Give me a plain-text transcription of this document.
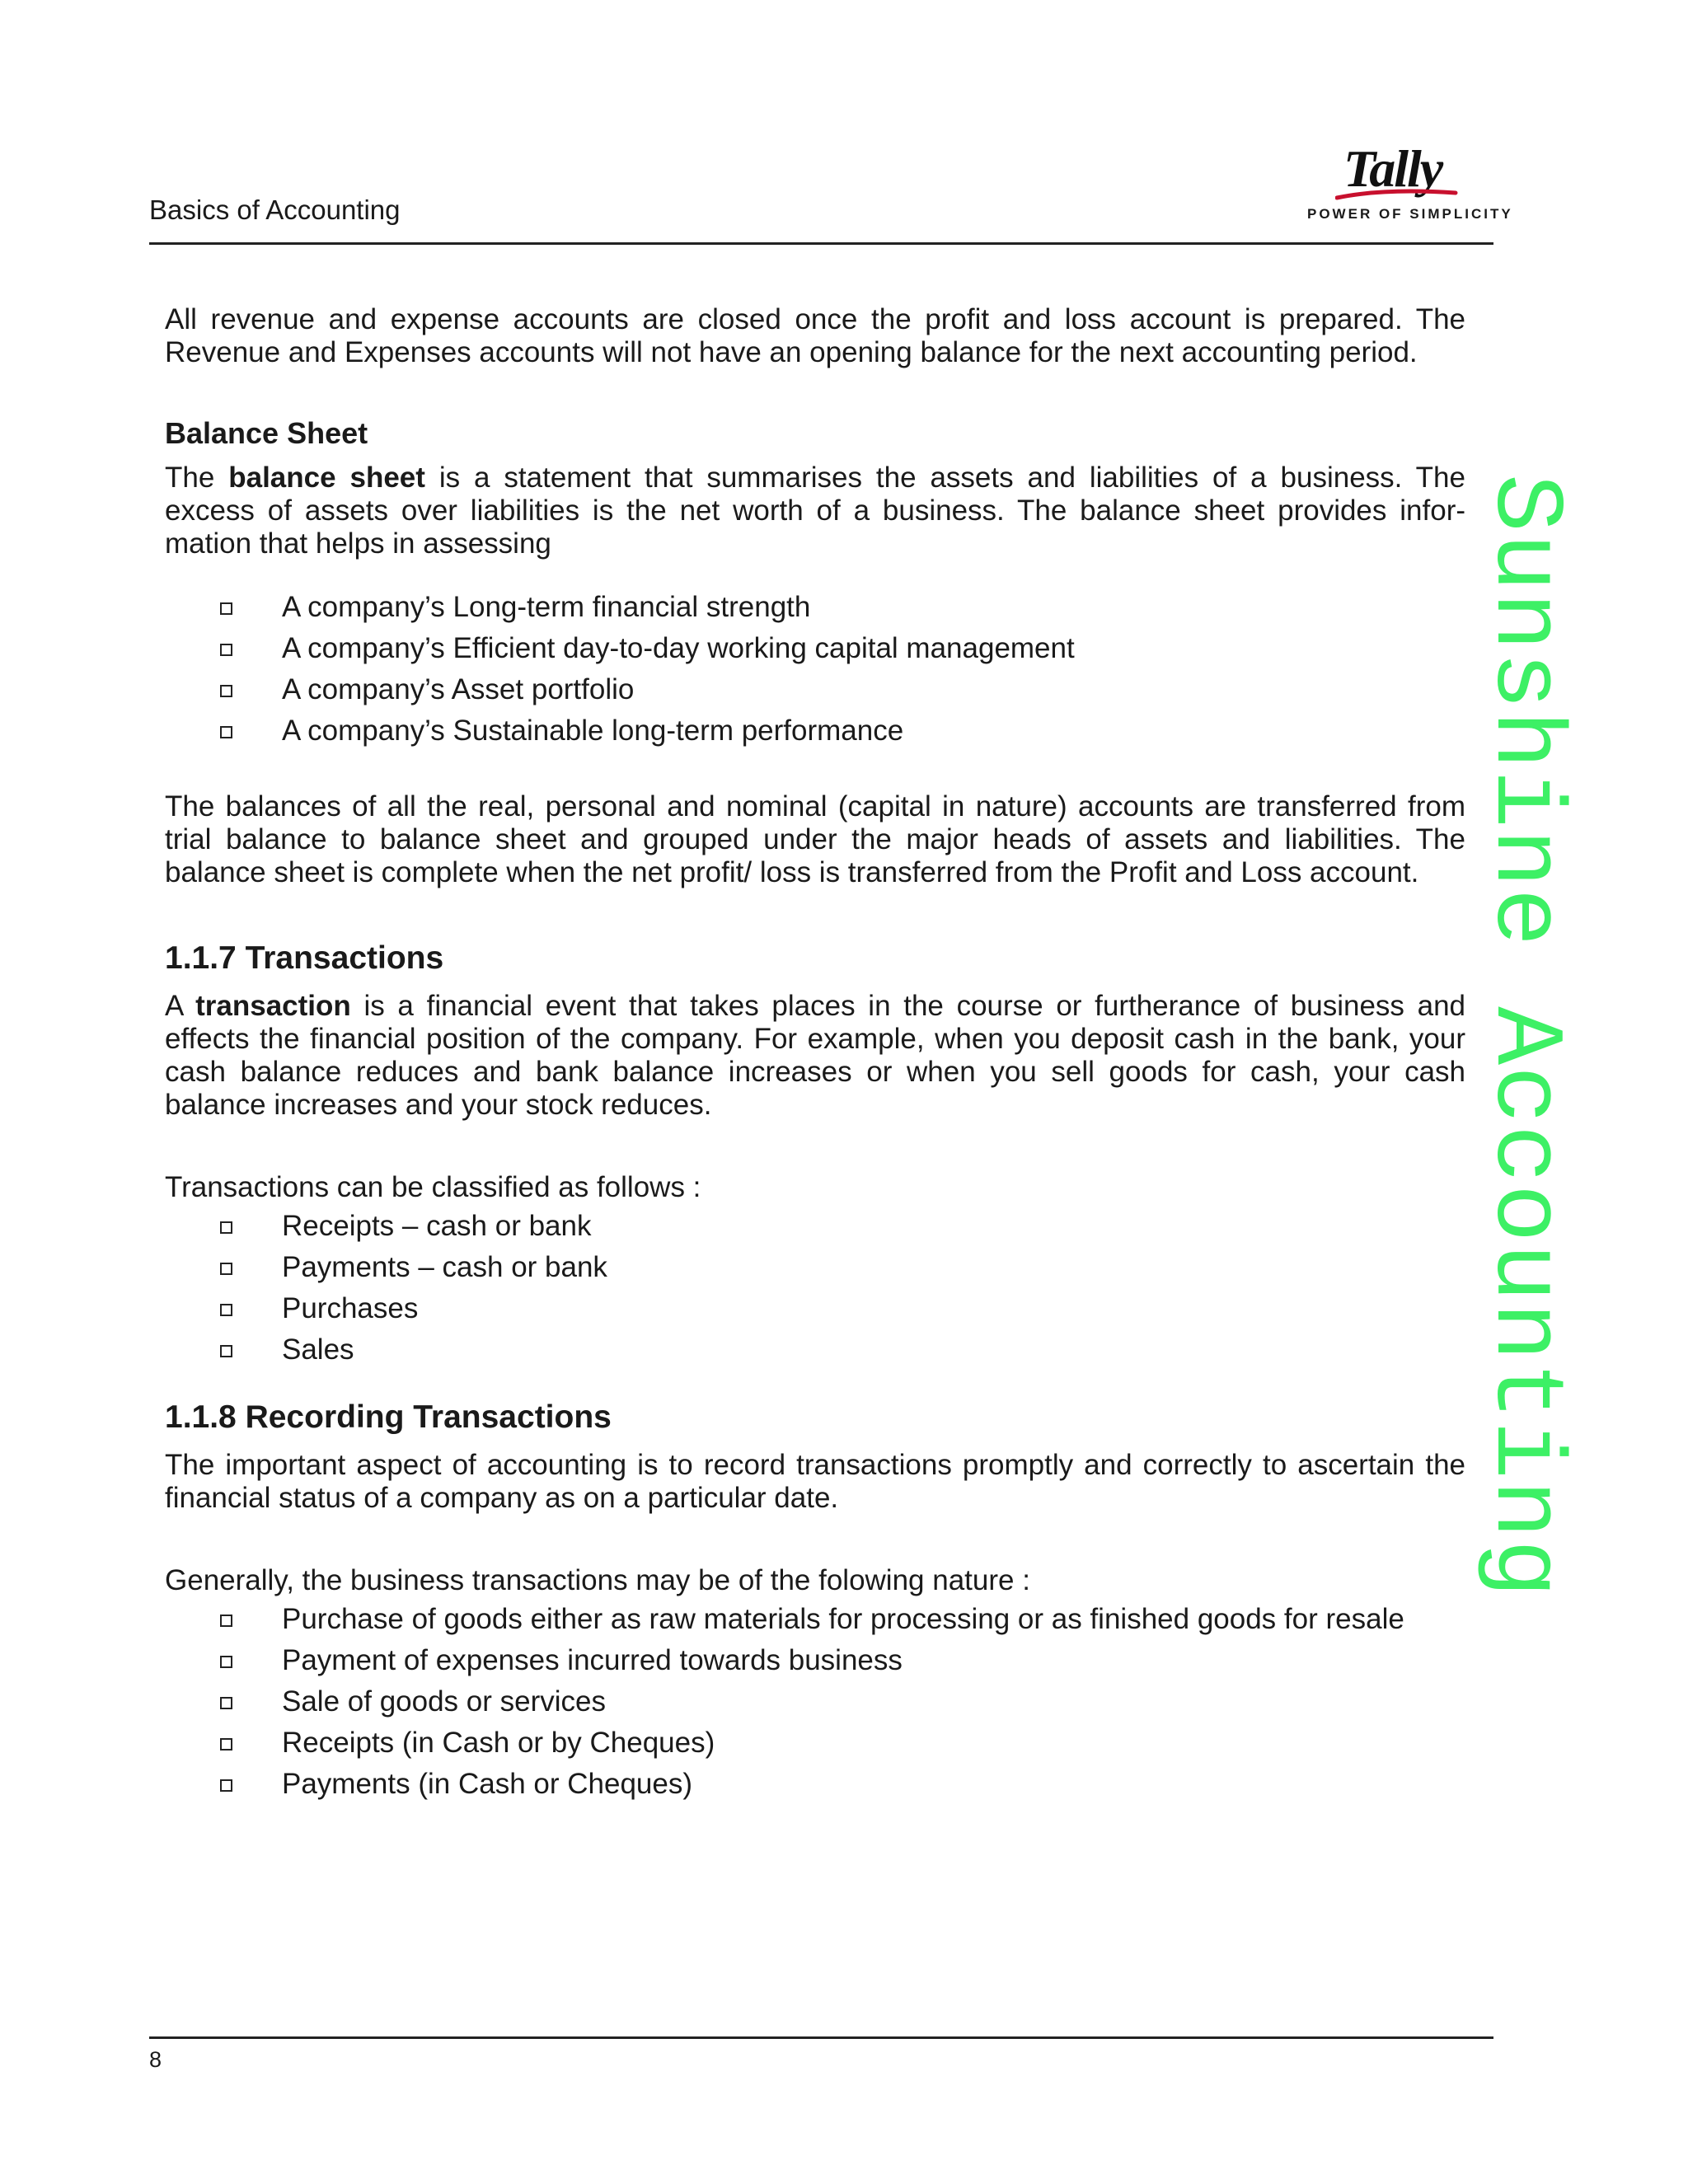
Basics of Accounting
Tally
POWER OF SIMPLICITY
Sunshine Accounting

All revenue and expense accounts are closed once the profit and loss account is prepared. The Revenue and Expenses accounts will not have an opening balance for the next accounting period.

Balance Sheet

The balance sheet is a statement that summarises the assets and liabilities of a business. The excess of assets over liabilities is the net worth of a business. The balance sheet provides infor-mation that helps in assessing

A company’s Long-term financial strength
A company’s Efficient day-to-day working capital management
A company’s Asset portfolio
A company’s Sustainable long-term performance

The balances of all the real, personal and nominal (capital in nature) accounts are transferred from trial balance to balance sheet and grouped under the major heads of assets and liabilities. The balance sheet is complete when the net profit/ loss is transferred from the Profit and Loss account.

1.1.7 Transactions

A transaction is a financial event that takes places in the course or furtherance of business and effects the financial position of the company. For example, when you deposit cash in the bank, your cash balance reduces and bank balance increases or when you sell goods for cash, your cash balance increases and your stock reduces.

Transactions can be classified as follows :

Receipts – cash or bank
Payments – cash or bank
Purchases
Sales

1.1.8 Recording Transactions

The important aspect of accounting is to record transactions promptly and correctly to ascertain the financial status of a company as on a particular date.

Generally, the business transactions may be of the folowing nature :

Purchase of goods either as raw materials for processing or as finished goods for resale
Payment of expenses incurred towards business
Sale of goods or services
Receipts (in Cash or by Cheques)
Payments (in Cash or Cheques)
8
